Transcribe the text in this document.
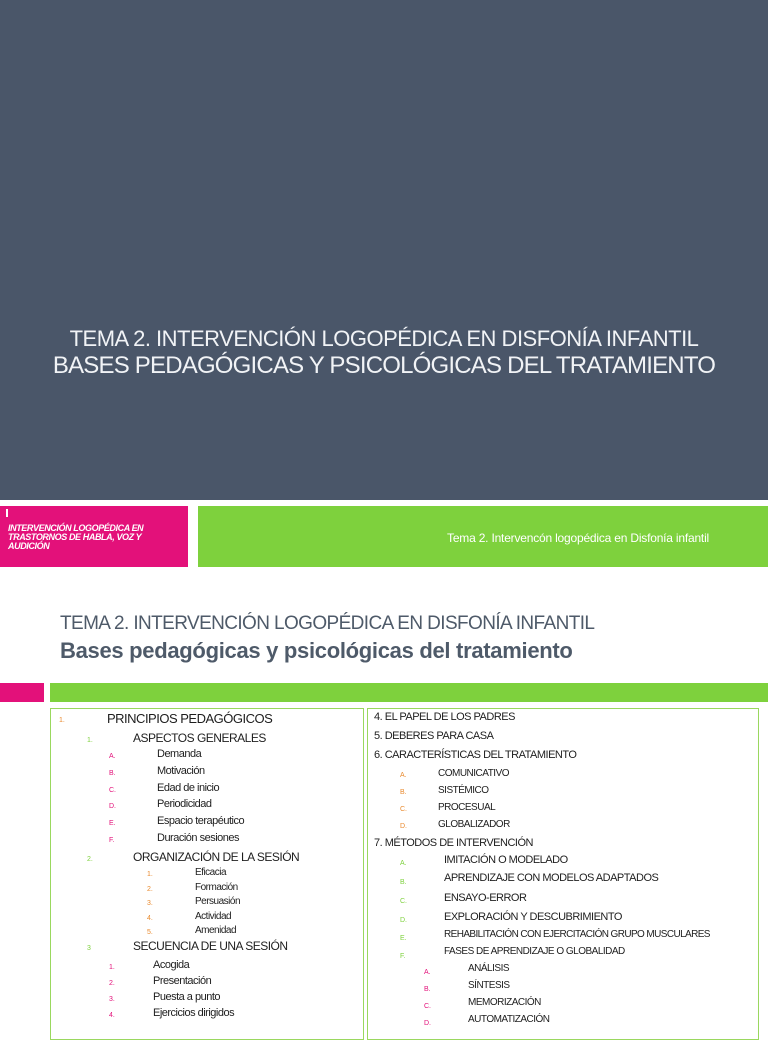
TEMA 2. INTERVENCIÓN LOGOPÉDICA EN DISFONÍA INFANTIL
BASES PEDAGÓGICAS Y PSICOLÓGICAS DEL TRATAMIENTO
INTERVENCIÓN LOGOPÉDICA EN TRASTORNOS DE HABLA, VOZ Y AUDICIÓN
Tema 2. Intervencón logopédica en Disfonía infantil
TEMA 2. INTERVENCIÓN LOGOPÉDICA EN DISFONÍA INFANTIL
Bases pedagógicas y psicológicas del tratamiento
1.	PRINCIPIOS PEDAGÓGICOS
1.	ASPECTOS GENERALES
A.	Demanda
B.	Motivación
C.	Edad de inicio
D.	Periodicidad
E.	Espacio terapéutico
F.	Duración sesiones
2.	ORGANIZACIÓN DE LA SESIÓN
1.	Eficacia
2.	Formación
3.	Persuasión
4.	Actividad
5.	Amenidad
3	SECUENCIA DE UNA SESIÓN
1.	Acogida
2.	Presentación
3.	Puesta a punto
4.	Ejercicios dirigidos
4. EL PAPEL DE LOS PADRES
5. DEBERES PARA CASA
6. CARACTERÍSTICAS DEL TRATAMIENTO
A.	COMUNICATIVO
B.	SISTÉMICO
C.	PROCESUAL
D.	GLOBALIZADOR
7. MÉTODOS DE INTERVENCIÓN
A.	IMITACIÓN O MODELADO
B.	APRENDIZAJE CON MODELOS ADAPTADOS
C.	ENSAYO-ERROR
D.	EXPLORACIÓN Y DESCUBRIMIENTO
E.	REHABILITACIÓN CON EJERCITACIÓN GRUPO MUSCULARES
F.	FASES DE APRENDIZAJE O GLOBALIDAD
A.	ANÁLISIS
B.	SÍNTESIS
C.	MEMORIZACIÓN
D.	AUTOMATIZACIÓN
